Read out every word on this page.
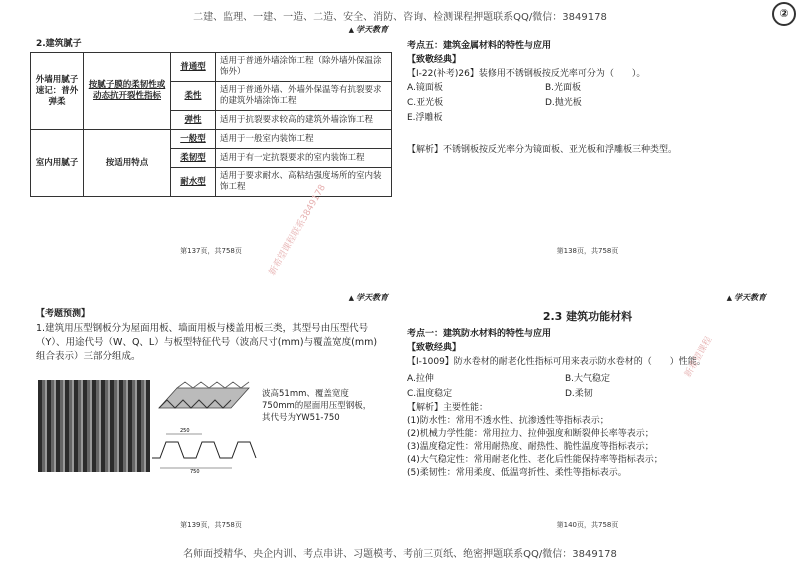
二建、监理、一建、一造、二造、安全、消防、咨询、检测课程押题联系QQ/微信：3849178	②
▲ 学天教育
2.建筑腻子
外墙用腻子速记：普外弹柔	按腻子膜的柔韧性或动态抗开裂性指标	普通型	适用于普通外墙涂饰工程（除外墙外保温涂饰外）
		柔性	适用于普通外墙、外墙外保温等有抗裂要求的建筑外墙涂饰工程
		弹性	适用于抗裂要求较高的建筑外墙涂饰工程
室内用腻子	按适用特点	一般型	适用于一般室内装饰工程
		柔韧型	适用于有一定抗裂要求的室内装饰工程
		耐水型	适用于要求耐水、高粘结强度场所的室内装饰工程 新希望课程联系3849178
第137页，共758页
考点五：建筑金属材料的特性与应用
【致敬经典】
【Ⅰ-22(补考)26】装修用不锈钢板按反光率可分为（　　）。
A.镜面板	B.光面板
C.亚光板	D.抛光板
E.浮雕板
【解析】不锈钢板按反光率分为镜面板、亚光板和浮雕板三种类型。
第138页，共758页
▲ 学天教育
【考题预测】
1.建筑用压型钢板分为屋面用板、墙面用板与楼盖用板三类，其型号由压型代号（Y）、用途代号（W、Q、L）与板型特征代号（波高尺寸(mm)与覆盖宽度(mm)组合表示）三部分组成。
250
750
波高51mm、覆盖宽度750mm的屋面用压型钢板，其代号为YW51-750
第139页，共758页
▲ 学天教育
2.3 建筑功能材料
考点一：建筑防水材料的特性与应用
【致敬经典】
【Ⅰ-1009】防水卷材的耐老化性指标可用来表示防水卷材的（　　）性能。
A.拉伸	B.大气稳定
C.温度稳定	D.柔韧
【解析】主要性能：
(1)防水性：常用不透水性、抗渗透性等指标表示；
(2)机械力学性能：常用拉力、拉伸强度和断裂伸长率等表示；
(3)温度稳定性：常用耐热度、耐热性、脆性温度等指标表示；
(4)大气稳定性：常用耐老化性、老化后性能保持率等指标表示；
(5)柔韧性：常用柔度、低温弯折性、柔性等指标表示。
新希望课程
第140页，共758页
名师面授精华、央企内训、考点串讲、习题模考、考前三页纸、绝密押题联系QQ/微信：3849178
